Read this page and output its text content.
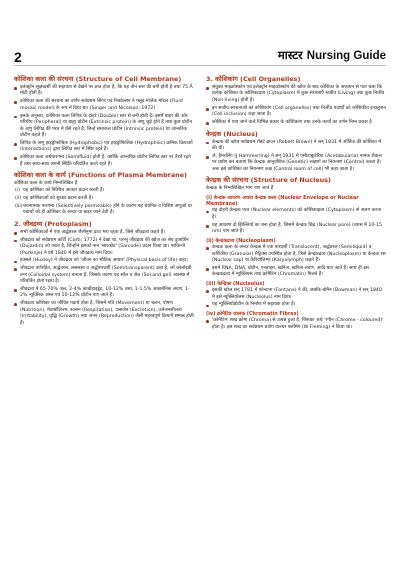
2	मास्टर Nursing Guide
कोशिका कला की संरचना (Structure of Cell Membrane)
इलेक्ट्रॉन सूक्ष्मदर्शी की सहायता से देखने पर ज्ञात होता है, कि यह तीन स्तर की बनी होती है तथा 75 Å मोटी होती है।
कोशिका कला की संरचना का वर्णन सर्वप्रथम सिंगर एवं निकोल्सन ने फ्लूड मोज़ेक मॉडल (Fluid mosaic model) के रूप में दिया था। (Singer and Nicolson; 1972)
इसके अनुसार, कोशिका कला लिपिड के दोहरे (Double) स्तर से बनी होती है। इसमें बाहर की ओर परिधीय (Peripheral) या बाह्य प्रोटीन (Extrinsic protein) के अणु जुड़े होते हैं तथा कुछ प्रोटीन के अणु लिपिड की परत में धँसे रहते हैं, जिन्हें समाकल प्रोटीन (Intrinsic protein) या आन्तरिक प्रोटीन कहते हैं।
लिपिड के अणु हाइड्रोफोबिक (Hydrophobic) एवं हाइड्रोफिलिक (Hydrophilic) क्रमिक क्रियाओं (Interactions) द्वारा लिपिड स्तर में स्थिर रहते हैं।
कोशिका कला अर्धपारगम्य (Semifluid) होती है, क्योंकि आन्तरिक प्रोटीन लिपिड स्तर पर तैरते रहते हैं तथा साथ-साथ अपनी स्थिति परिवर्तित करते रहते हैं।
कोशिका कला के कार्य (Functions of Plasma Membrane)
कोशिका कला के कार्य निम्नलिखित हैं
(i) यह कोशिका को निश्चित आकार प्रदान करती है।
(ii) यह कोशिकाओं को सुरक्षा प्रदान करती है।
(iii) चयनात्मक पारगम्य (Selectively permeable) होने के कारण यह चयनित व विशिष्ट अणुओं या पदार्थों को ही कोशिका के अन्दर या बाहर जाने देती है।
2. जीवद्रव्य (Protoplasm)
सभी कोशिकाओं में एक अर्द्धतरल जैलीनुमा द्रव्य भरा रहता है, जिसे जीवद्रव्य कहते हैं।
जीवद्रव्य को सर्वप्रथम कॉर्टी (Corti; 1772) ने देखा था, परन्तु जीवद्रव्य की खोज का श्रेय डुजार्डिन (Dujardin) को जाता है, जिन्होंने इसको नाम 'सारकोड' (Sarcode) प्रदान किया था। परकिन्जे (Purkinje) ने वर्ष 1840 में इसे जीवद्रव्य नाम दिया।
हक्सले (Huxley) ने जीवद्रव्य को 'जीवन का भौतिक आधार' (Physical basis of life) कहा।
जीवद्रव्य वर्णरहित, अर्द्धतरल, लसलसा व अर्द्धपारदर्शी (Semitransparent) द्रव्य है, जो कोलॉइडी तन्त्र (Colloidal system) बनाता है, जिसके कारण यह सॉल व जैल (Sol and gel) अवस्था में परिवर्तित होता रहता है।
जीवद्रव्य में 65-70% जल, 2-4% कार्बोहाइड्रेट, 10-12% वसा, 1-1.5% अकार्बनिक लवण, 1-2% न्यूक्लिक अम्ल एवं 10-12% प्रोटीन पाए जाते हैं।
जीवद्रव्य कोशिका का जीवित पदार्थ होता है, जिसमें गति (Movement) या चलन, पोषण (Nutrition), मेटाबॉलिज्म, श्वसन (Respiration), उत्सर्जन (Excretion), उत्तेजनशीलता (Irritability), वृद्धि (Growth) तथा जनन (Reproduction) जैसी महत्त्वपूर्ण क्रियाएँ सम्पन्न होती हैं।
3. कोशिकांग (Cell Organelles)
संयुक्त माइक्रोस्कोप एवं इलेक्ट्रॉन माइक्रोस्कोप की खोज के बाद कोशिका के अध्ययन से पता चला कि प्रत्येक कोशिका के कोशिकाद्रव्य (Cytoplasm) में कुछ संरचनाएँ सजीव (Living) तथा कुछ निर्जीव (Non-living) होती हैं।
इन सजीव संरचनाओं को कोशिकांग (Cell organelles) तथा निर्जीव पदार्थों को कोशिकीय इन्क्लूजन (Cell inclusion) कहा जाता है।
कोशिका में पाए जाने वाले विभिन्न प्रकार के कोशिकांग तथा उनके कार्यों का वर्णन निम्न प्रकार है
केन्द्रक (Nucleus)
केन्द्रक की खोज सर्वप्रथम रॉबर्ट ब्राउन (Robert Brown) ने सन् 1831 में ऑर्किड की कोशिका में की थी।
जे. हैमरलिंग (J Hammerling) ने सन् 1931 में एसीटाबुलेरिया (Acetabularia) नामक शैवाल पर प्रयोग कर बताया कि केन्द्रक आनुवंशिक (Genetic) लक्षणों का नियन्त्रण (Control) करता है। अतः इसे कोशिका का नियन्त्रण कक्ष (Control room of cell) भी कहा जाता है।
केन्द्रक की संरचना (Structure of Nucleus)
केन्द्रक के निम्नलिखित भाग पाए जाते हैं
(i) केन्द्रक आवरण अथवा केन्द्रक कला (Nuclear Envelope or Nuclear Membrane)
यह दोहरी केन्द्रक परत (Nuclear elements) को कोशिकाद्रव्य (Cytoplasm) से अलग करता है।
यह आवरण दो झिल्लियों का बना होता है, जिसमें केन्द्रक छिद्र (Nuclear pore) (व्यास में 10-15 nm) पाए जाते हैं।
(ii) केन्द्रकद्रव्य (Nucleoplasm)
केन्द्रक कला के अन्दर केन्द्रक में एक पारदर्शी (Translucent), अर्द्धतरल (Semiliquid) व कणिकीय (Granular) मैट्रिक्स उपस्थित होता है, जिसे केन्द्रकद्रव्य (Nucleoplasm) या केन्द्रक रस (Nuclear sap) या कैरियोलिम्फ (Karyolymph) कहते हैं।
इसमें RNA, DNA, प्रोटीन, एन्ज़ाइम, खनिज, खनिज लवण, आदि पाए जाते हैं। साथ ही इस केन्द्रकद्रव्य में न्यूक्लियस तथा क्रोमैटिन (Chromatin) मिलते हैं।
(iii) केन्द्रिका (Nucleolus)
इसकी खोज सन् 1781 में फोन्टाना (Fontana) ने की, जबकि बोमैन (Bowman) ने सन् 1840 में इसे न्यूक्लियोलस (Nucleolus) नाम दिया।
यह न्यूक्लियोप्रोटीन के निर्माण में सहायक होता है।
(iv) क्रोमैटिड जालक (Chromatin Fibres)
'क्रोमैटिन' शब्द क्रोमा (Chroma) से उत्पन्न हुआ है, जिसका अर्थ 'रंगीन (Chrome - coloured)' होता है। इस शब्द का सर्वप्रथम प्रयोग वाल्थर फ्लेमिंग (W Fleming) ने किया था।
